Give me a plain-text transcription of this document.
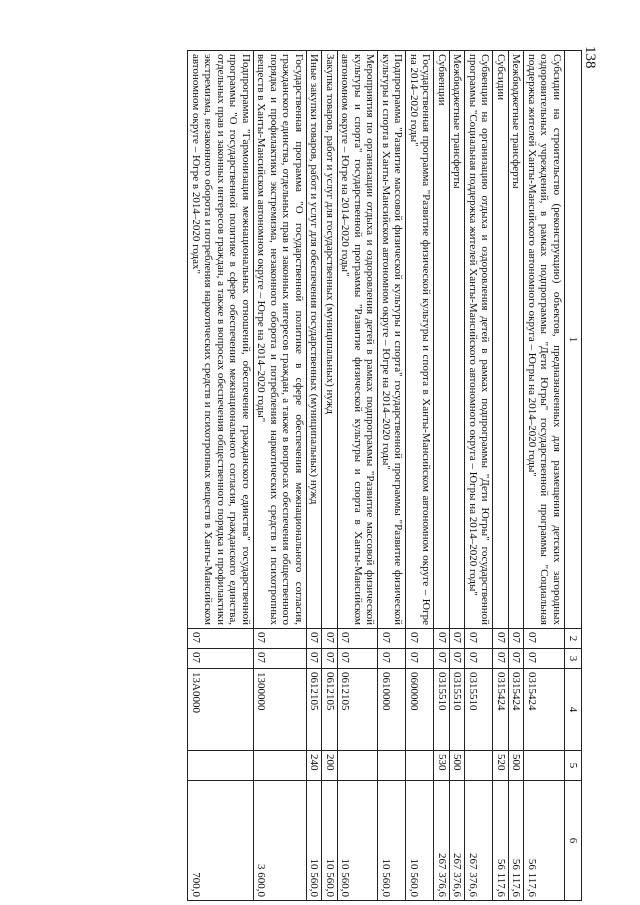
138
1	2	3	4	5	6
Субсидии на строительство (реконструкцию) объектов, предназначенных для размещения детских загородных оздоровительных учреждений, в рамках подпрограммы "Дети Югры" государственной программы "Социальная поддержка жителей Ханты-Мансийского автономного округа – Югры на 2014–2020 годы"	07	07	0315424		56 117,6
Межбюджетные трансферты	07	07	0315424	500	56 117,6
Субсидии	07	07	0315424	520	56 117,6
Субвенции на организацию отдыха и оздоровления детей в рамках подпрограммы "Дети Югры" государственной программы "Социальная поддержка жителей Ханты-Мансийского автономного округа – Югры на 2014–2020 годы"	07	07	0315510		267 376,6
Межбюджетные трансферты	07	07	0315510	500	267 376,6
Субвенции	07	07	0315510	530	267 376,6
Государственная программа "Развитие физической культуры и спорта в Ханты-Мансийском автономном округе – Югре на 2014–2020 годы"	07	07	0600000		10 560,0
Подпрограмма "Развитие массовой физической культуры и спорта" государственной программы "Развитие физической культуры и спорта в Ханты-Мансийском автономном округе – Югре на 2014–2020 годы"	07	07	0610000		10 560,0
Мероприятия по организации отдыха и оздоровления детей в рамках подпрограммы "Развитие массовой физической культуры и спорта" государственной программы "Развитие физической культуры и спорта в Ханты-Мансийском автономном округе – Югре на 2014–2020 годы"	07	07	0612105		10 560,0
Закупка товаров, работ и услуг для государственных (муниципальных) нужд	07	07	0612105	200	10 560,0
Иные закупки товаров, работ и услуг для обеспечения государственных (муниципальных) нужд	07	07	0612105	240	10 560,0
Государственная программа "О государственной политике в сфере обеспечения межнационального согласия, гражданского единства, отдельных прав и законных интересов граждан, а также в вопросах обеспечения общественного порядка и профилактики экстремизма, незаконного оборота и потребления наркотических средств и психотропных веществ в Ханты-Мансийском автономном округе – Югре на 2014–2020 годы"	07	07	1300000		3 600,0
Подпрограмма "Гармонизация межнациональных отношений, обеспечение гражданского единства" государственной программы "О государственной политике в сфере обеспечения межнационального согласия, гражданского единства, отдельных прав и законных интересов граждан, а также в вопросах обеспечения общественного порядка и профилактики экстремизма, незаконного оборота и потребления наркотических средств и психотропных веществ в Ханты-Мансийском автономном округе – Югре в 2014–2020 годах"	07	07	13А0000		700,0
